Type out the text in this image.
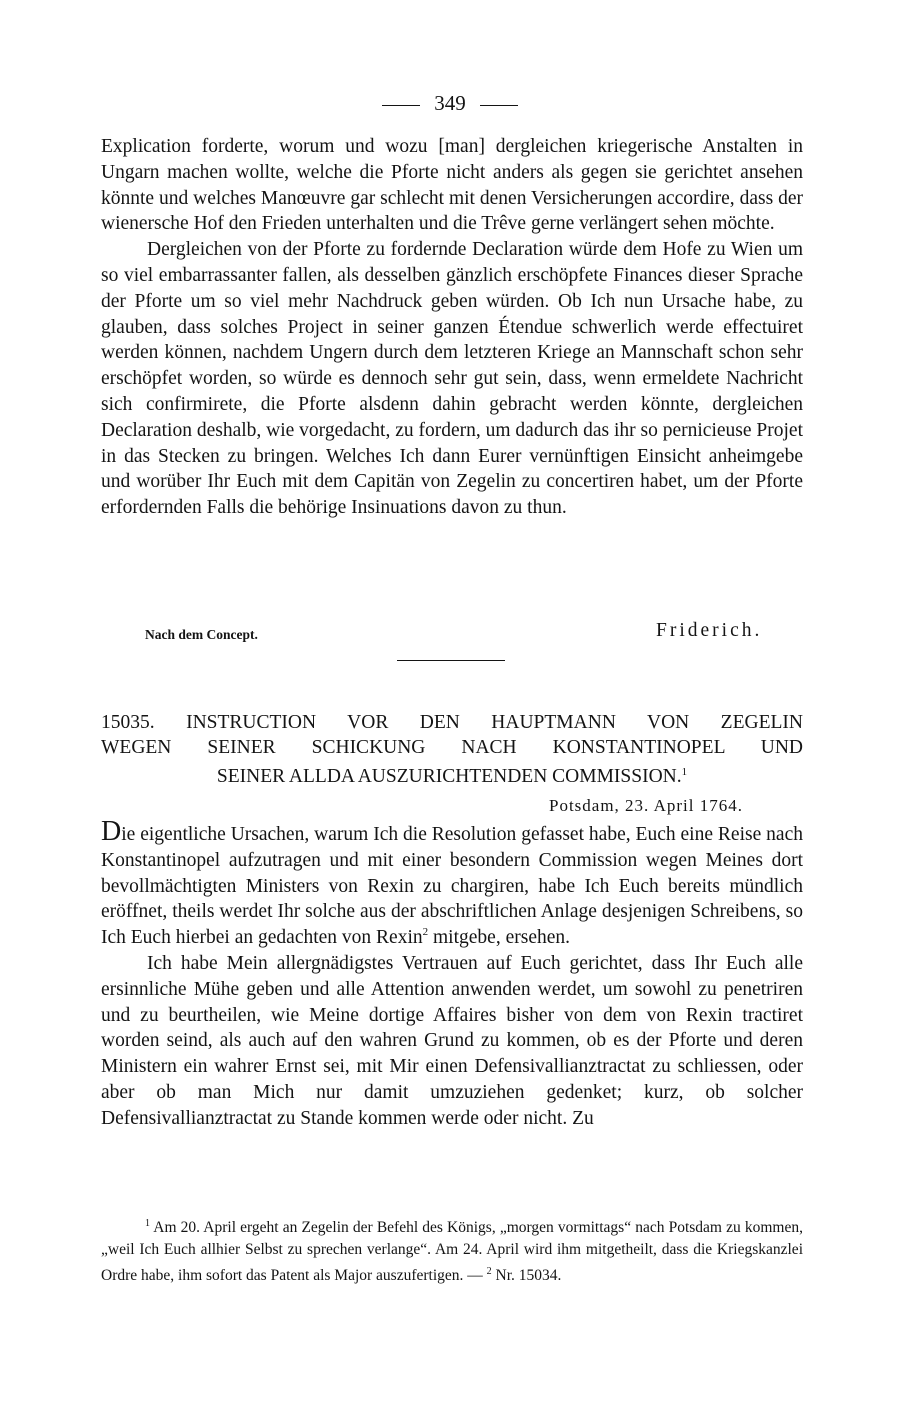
349

Explication forderte, worum und wozu [man] dergleichen kriegerische Anstalten in Ungarn machen wollte, welche die Pforte nicht anders als gegen sie gerichtet ansehen könnte und welches Manœuvre gar schlecht mit denen Versicherungen accordire, dass der wienersche Hof den Frieden unterhalten und die Trêve gerne verlängert sehen möchte.

Dergleichen von der Pforte zu fordernde Declaration würde dem Hofe zu Wien um so viel embarrassanter fallen, als desselben gänzlich erschöpfete Finances dieser Sprache der Pforte um so viel mehr Nachdruck geben würden. Ob Ich nun Ursache habe, zu glauben, dass solches Project in seiner ganzen Étendue schwerlich werde effectuiret werden können, nachdem Ungern durch dem letzteren Kriege an Mannschaft schon sehr erschöpfet worden, so würde es dennoch sehr gut sein, dass, wenn ermeldete Nachricht sich confirmirete, die Pforte alsdenn dahin gebracht werden könnte, dergleichen Declaration deshalb, wie vorgedacht, zu fordern, um dadurch das ihr so pernicieuse Projet in das Stecken zu bringen. Welches Ich dann Eurer vernünftigen Einsicht anheimgebe und worüber Ihr Euch mit dem Capitän von Zegelin zu concertiren habet, um der Pforte erfordernden Falls die behörige Insinuations davon zu thun.

Nach dem Concept.	Friderich.
15035. INSTRUCTION VOR DEN HAUPTMANN VON ZEGELIN
WEGEN SEINER SCHICKUNG NACH KONSTANTINOPEL UND
SEINER ALLDA AUSZURICHTENDEN COMMISSION.$^1$
Potsdam, 23. April 1764.

Die eigentliche Ursachen, warum Ich die Resolution gefasset habe, Euch eine Reise nach Konstantinopel aufzutragen und mit einer besondern Commission wegen Meines dort bevollmächtigten Ministers von Rexin zu chargiren, habe Ich Euch bereits mündlich eröffnet, theils werdet Ihr solche aus der abschriftlichen Anlage desjenigen Schreibens, so Ich Euch hierbei an gedachten von Rexin$^2$ mitgebe, ersehen.

Ich habe Mein allergnädigstes Vertrauen auf Euch gerichtet, dass Ihr Euch alle ersinnliche Mühe geben und alle Attention anwenden werdet, um sowohl zu penetriren und zu beurtheilen, wie Meine dortige Affaires bisher von dem von Rexin tractiret worden seind, als auch auf den wahren Grund zu kommen, ob es der Pforte und deren Ministern ein wahrer Ernst sei, mit Mir einen Defensivallianztractat zu schliessen, oder aber ob man Mich nur damit umzuziehen gedenket; kurz, ob solcher Defensivallianztractat zu Stande kommen werde oder nicht. Zu

$^1$ Am 20. April ergeht an Zegelin der Befehl des Königs, „morgen vormittags“ nach Potsdam zu kommen, „weil Ich Euch allhier Selbst zu sprechen verlange“. Am 24. April wird ihm mitgetheilt, dass die Kriegskanzlei Ordre habe, ihm sofort das Patent als Major auszufertigen. — $^2$ Nr. 15034.
